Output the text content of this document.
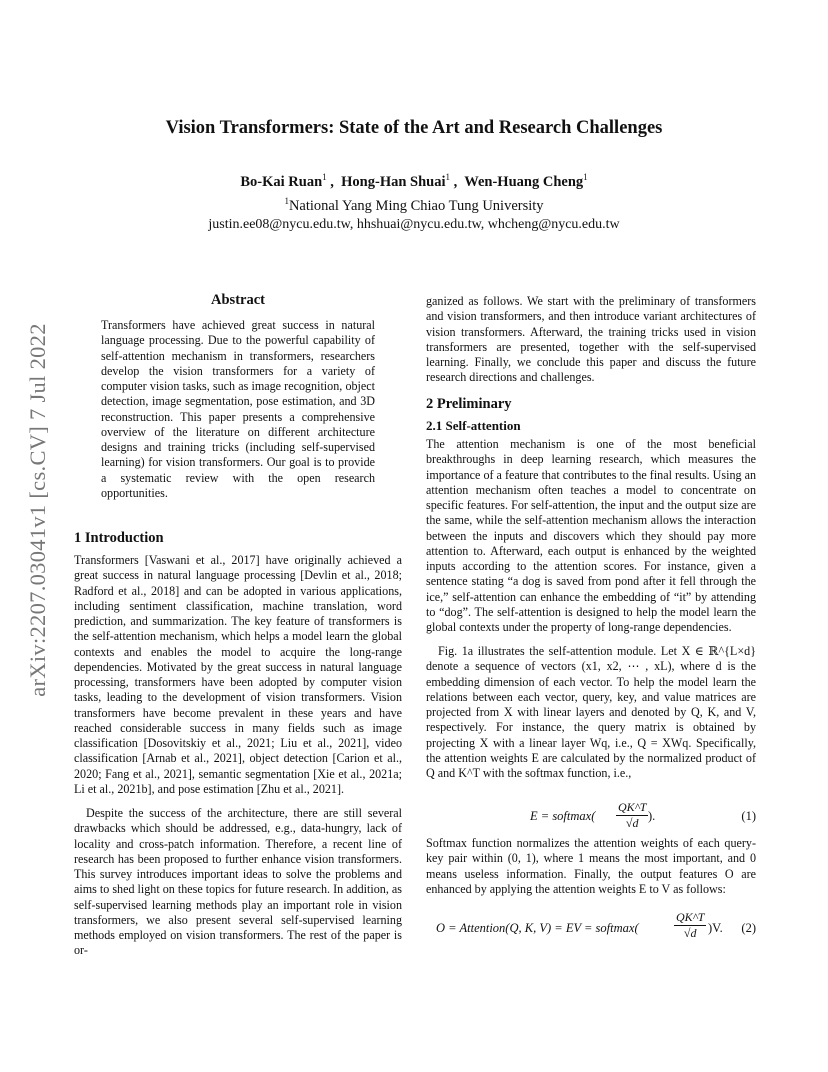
arXiv:2207.03041v1 [cs.CV] 7 Jul 2022
Vision Transformers: State of the Art and Research Challenges
Bo-Kai Ruan$^1$ ,  Hong-Han Shuai$^1$ ,  Wen-Huang Cheng$^1$
$^1$National Yang Ming Chiao Tung University
justin.ee08@nycu.edu.tw, hhshuai@nycu.edu.tw, whcheng@nycu.edu.tw
Abstract
Transformers have achieved great success in natural language processing. Due to the powerful capability of self-attention mechanism in transformers, researchers develop the vision transformers for a variety of computer vision tasks, such as image recognition, object detection, image segmentation, pose estimation, and 3D reconstruction. This paper presents a comprehensive overview of the literature on different architecture designs and training tricks (including self-supervised learning) for vision transformers. Our goal is to provide a systematic review with the open research opportunities.
1 Introduction
Transformers [Vaswani et al., 2017] have originally achieved a great success in natural language processing [Devlin et al., 2018; Radford et al., 2018] and can be adopted in various applications, including sentiment classification, machine translation, word prediction, and summarization. The key feature of transformers is the self-attention mechanism, which helps a model learn the global contexts and enables the model to acquire the long-range dependencies. Motivated by the great success in natural language processing, transformers have been adopted by computer vision tasks, leading to the development of vision transformers. Vision transformers have become prevalent in these years and have reached considerable success in many fields such as image classification [Dosovitskiy et al., 2021; Liu et al., 2021], video classification [Arnab et al., 2021], object detection [Carion et al., 2020; Fang et al., 2021], semantic segmentation [Xie et al., 2021a; Li et al., 2021b], and pose estimation [Zhu et al., 2021].
Despite the success of the architecture, there are still several drawbacks which should be addressed, e.g., data-hungry, lack of locality and cross-patch information. Therefore, a recent line of research has been proposed to further enhance vision transformers. This survey introduces important ideas to solve the problems and aims to shed light on these topics for future research. In addition, as self-supervised learning methods play an important role in vision transformers, we also present several self-supervised learning methods employed on vision transformers. The rest of the paper is or-
ganized as follows. We start with the preliminary of transformers and vision transformers, and then introduce variant architectures of vision transformers. Afterward, the training tricks used in vision transformers are presented, together with the self-supervised learning. Finally, we conclude this paper and discuss the future research directions and challenges.
2 Preliminary
2.1 Self-attention
The attention mechanism is one of the most beneficial breakthroughs in deep learning research, which measures the importance of a feature that contributes to the final results. Using an attention mechanism often teaches a model to concentrate on specific features. For self-attention, the input and the output size are the same, while the self-attention mechanism allows the interaction between the inputs and discovers which they should pay more attention to. Afterward, each output is enhanced by the weighted inputs according to the attention scores. For instance, given a sentence stating “a dog is saved from pond after it fell through the ice,” self-attention can enhance the embedding of “it” by attending to “dog”. The self-attention is designed to help the model learn the global contexts under the property of long-range dependencies.
Fig. 1a illustrates the self-attention module. Let X ∈ ℝ^{L×d} denote a sequence of vectors (x1, x2, ⋯ , xL), where d is the embedding dimension of each vector. To help the model learn the relations between each vector, query, key, and value matrices are projected from X with linear layers and denoted by Q, K, and V, respectively. For instance, the query matrix is obtained by projecting X with a linear layer Wq, i.e., Q = XWq. Specifically, the attention weights E are calculated by the normalized product of Q and K^T with the softmax function, i.e.,
E = softmax( $\frac{QK\^{}T}{√d}$ ).	(1)
Softmax function normalizes the attention weights of each query-key pair within (0, 1), where 1 means the most important, and 0 means useless information. Finally, the output features O are enhanced by applying the attention weights E to V as follows:
O = Attention(Q, K, V) = EV = softmax(	$\frac{QK\^{}T}{√d} )V$. (2)
